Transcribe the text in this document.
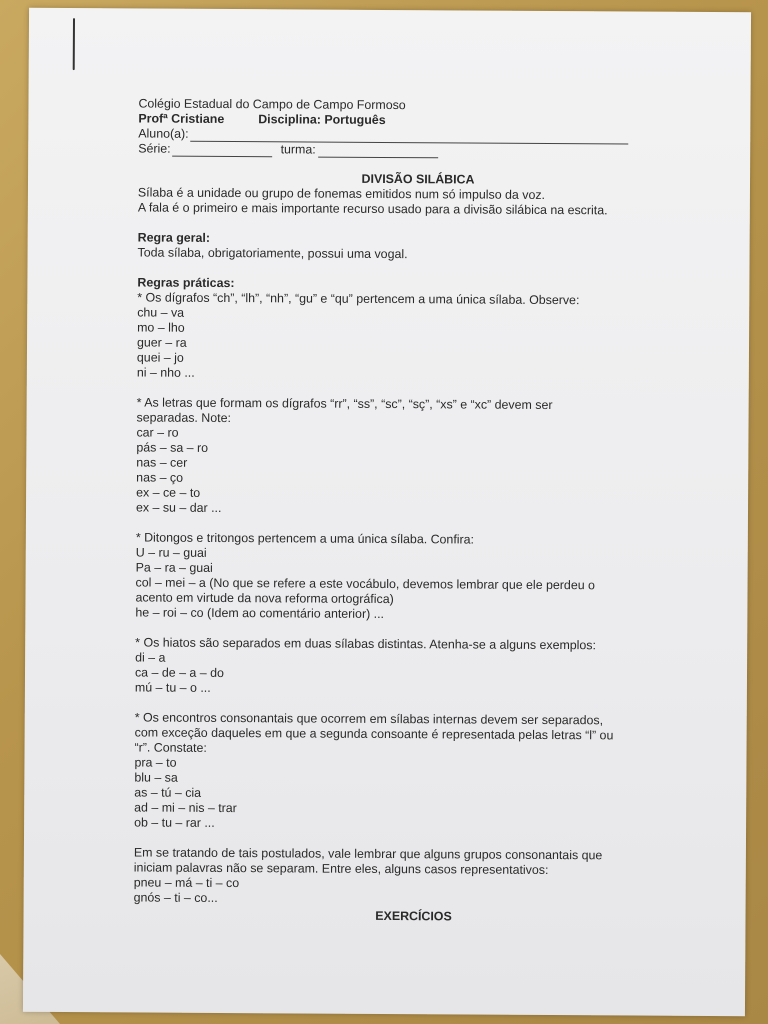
Colégio Estadual do Campo de Campo Formoso
Profª Cristiane	Disciplina: Português
Aluno(a):
Série:	turma:
DIVISÃO SILÁBICA
Sílaba é a unidade ou grupo de fonemas emitidos num só impulso da voz.
A fala é o primeiro e mais importante recurso usado para a divisão silábica na escrita.
Regra geral:
Toda sílaba, obrigatoriamente, possui uma vogal.
Regras práticas:
* Os dígrafos “ch”, “lh”, “nh”, “gu” e “qu” pertencem a uma única sílaba. Observe:
chu – va
mo – lho
guer – ra
quei – jo
ni – nho ...
* As letras que formam os dígrafos “rr”, “ss”, “sc”, “sç”, “xs” e “xc” devem ser
separadas. Note:
car – ro
pás – sa – ro
nas – cer
nas – ço
ex – ce – to
ex – su – dar ...
* Ditongos e tritongos pertencem a uma única sílaba. Confira:
U – ru – guai
Pa – ra – guai
col – mei – a (No que se refere a este vocábulo, devemos lembrar que ele perdeu o
acento em virtude da nova reforma ortográfica)
he – roi – co (Idem ao comentário anterior) ...
* Os hiatos são separados em duas sílabas distintas. Atenha-se a alguns exemplos:
di – a
ca – de – a – do
mú – tu – o ...
* Os encontros consonantais que ocorrem em sílabas internas devem ser separados,
com exceção daqueles em que a segunda consoante é representada pelas letras “l” ou
“r”. Constate:
pra – to
blu – sa
as – tú – cia
ad – mi – nis – trar
ob – tu – rar ...
Em se tratando de tais postulados, vale lembrar que alguns grupos consonantais que
iniciam palavras não se separam. Entre eles, alguns casos representativos:
pneu – má – ti – co
gnós – ti – co...
EXERCÍCIOS
